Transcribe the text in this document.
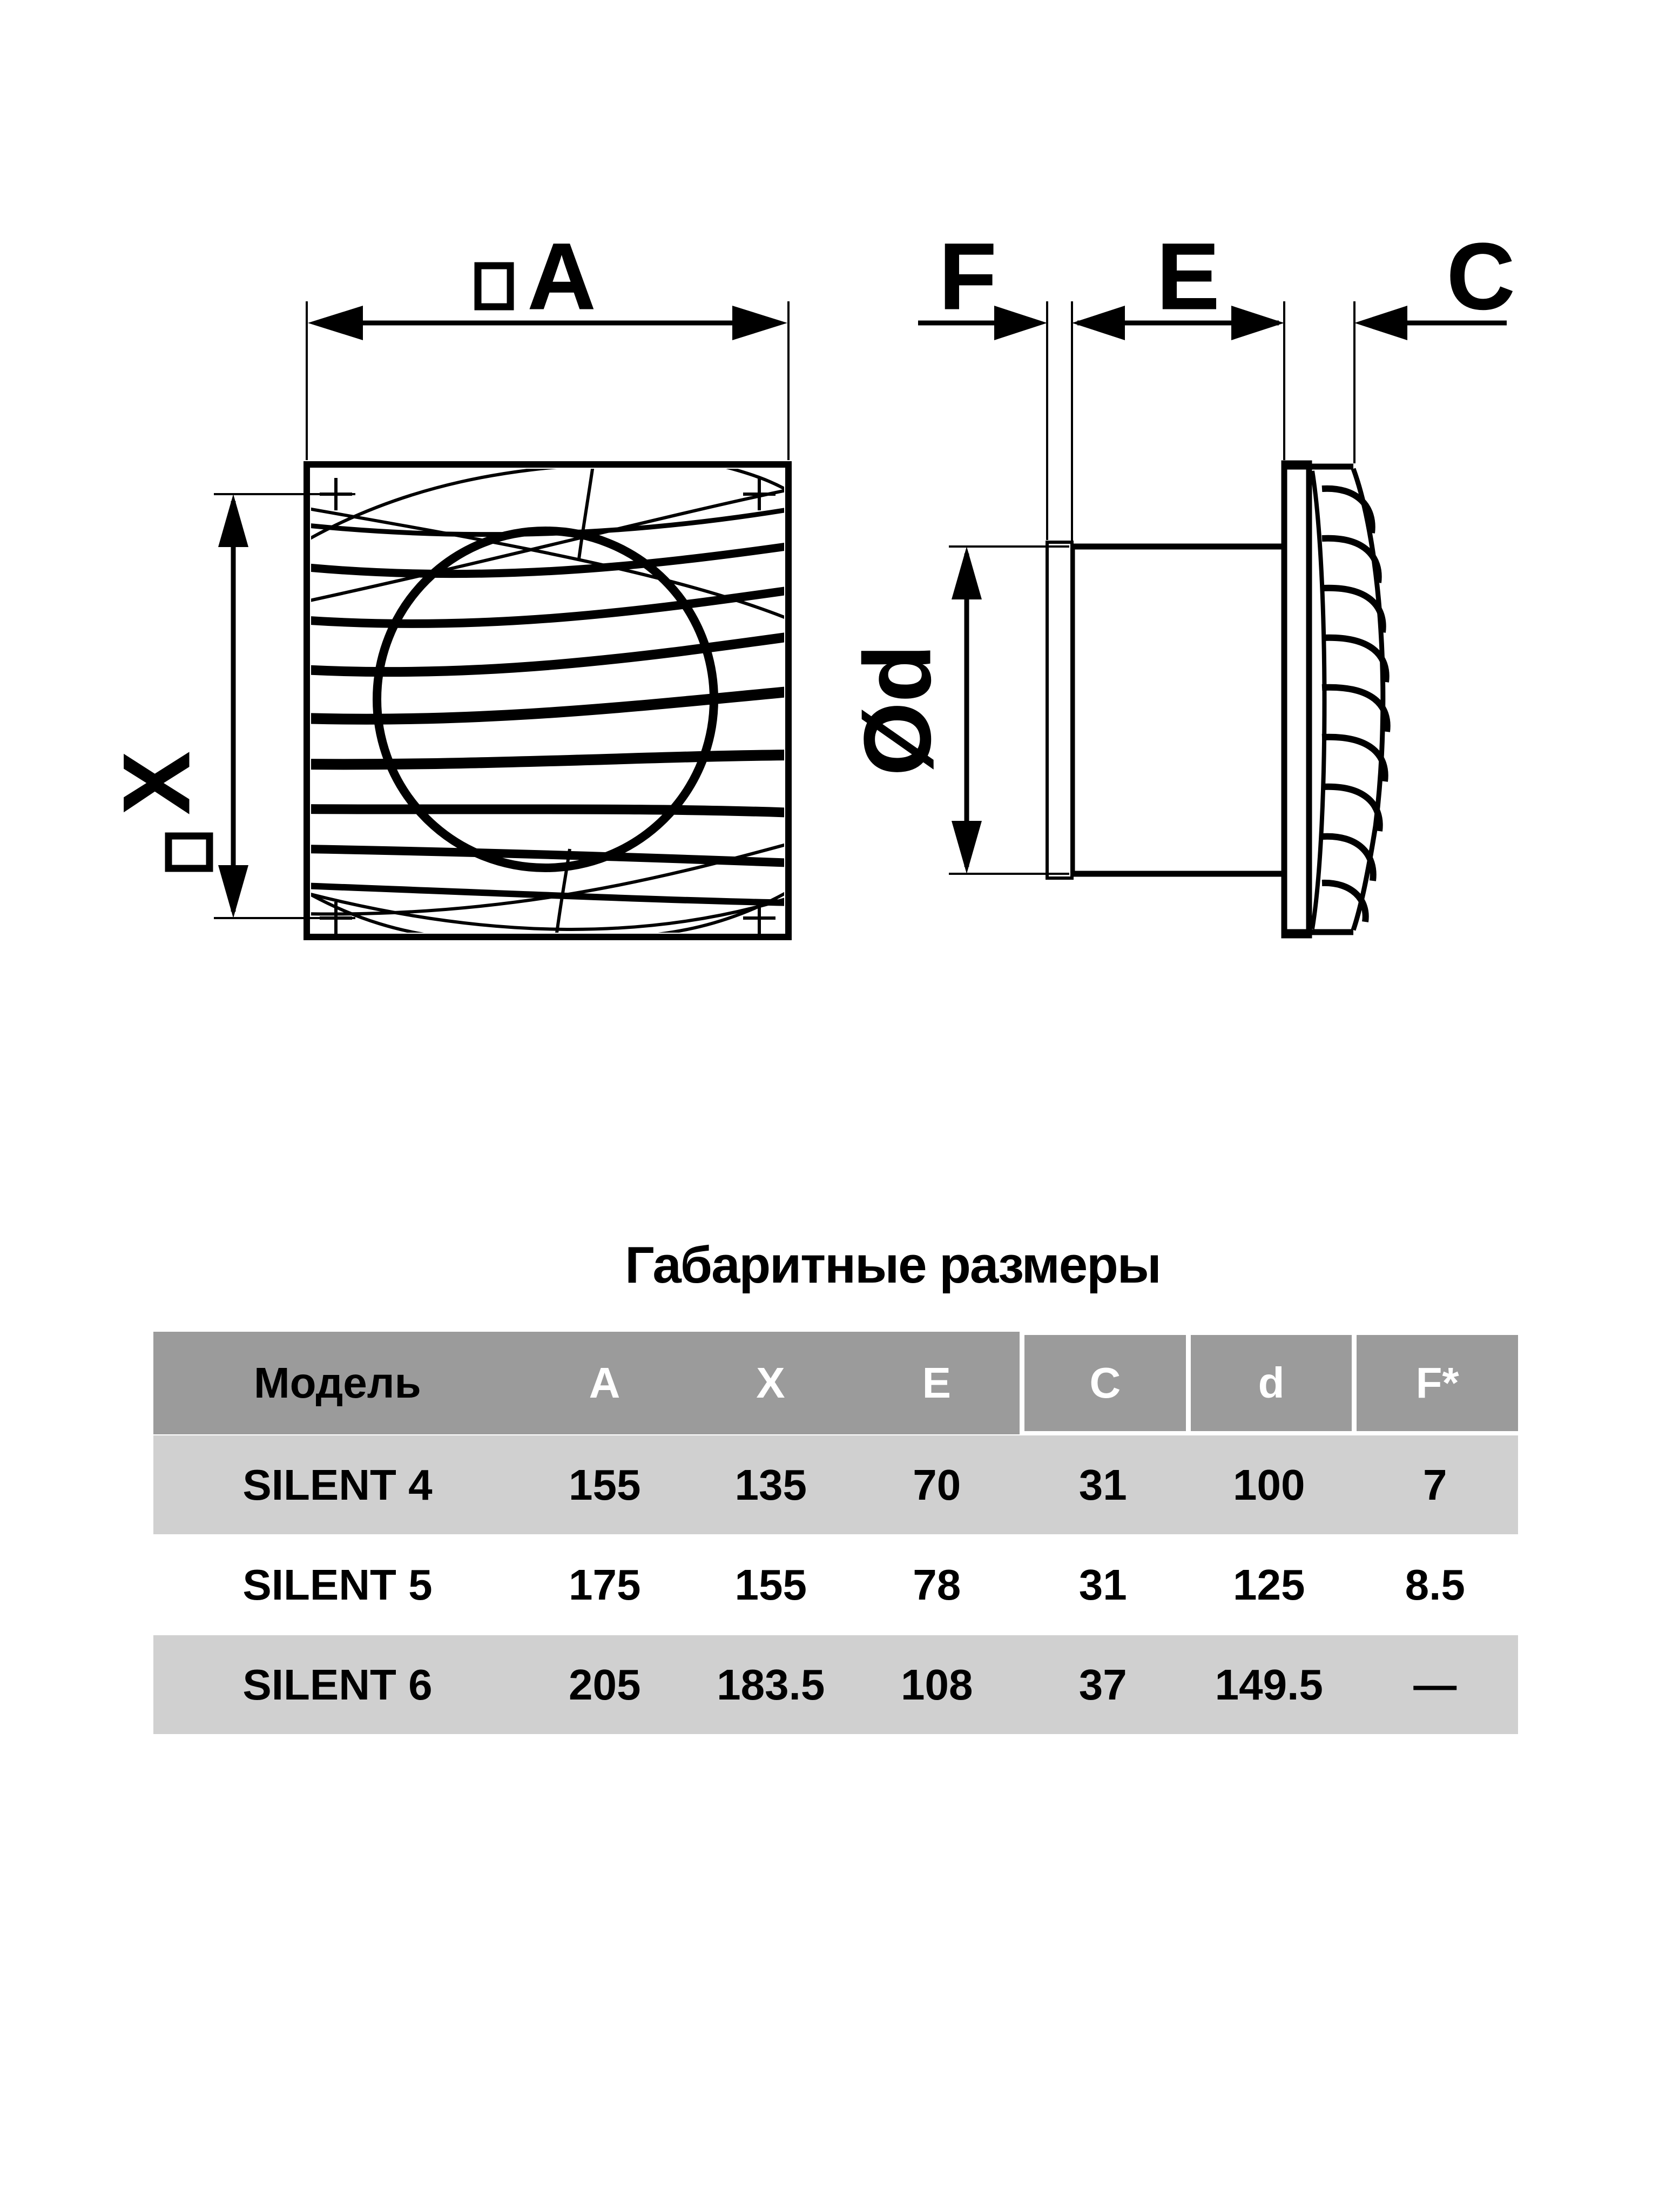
A
X
F E C
Ød
Габаритные размеры
Модель	A	X	E	C	d	F*
SILENT 4	155	135	70	31	100	7
SILENT 5	175	155	78	31	125	8.5
SILENT 6	205	183.5	108	37	149.5	—
